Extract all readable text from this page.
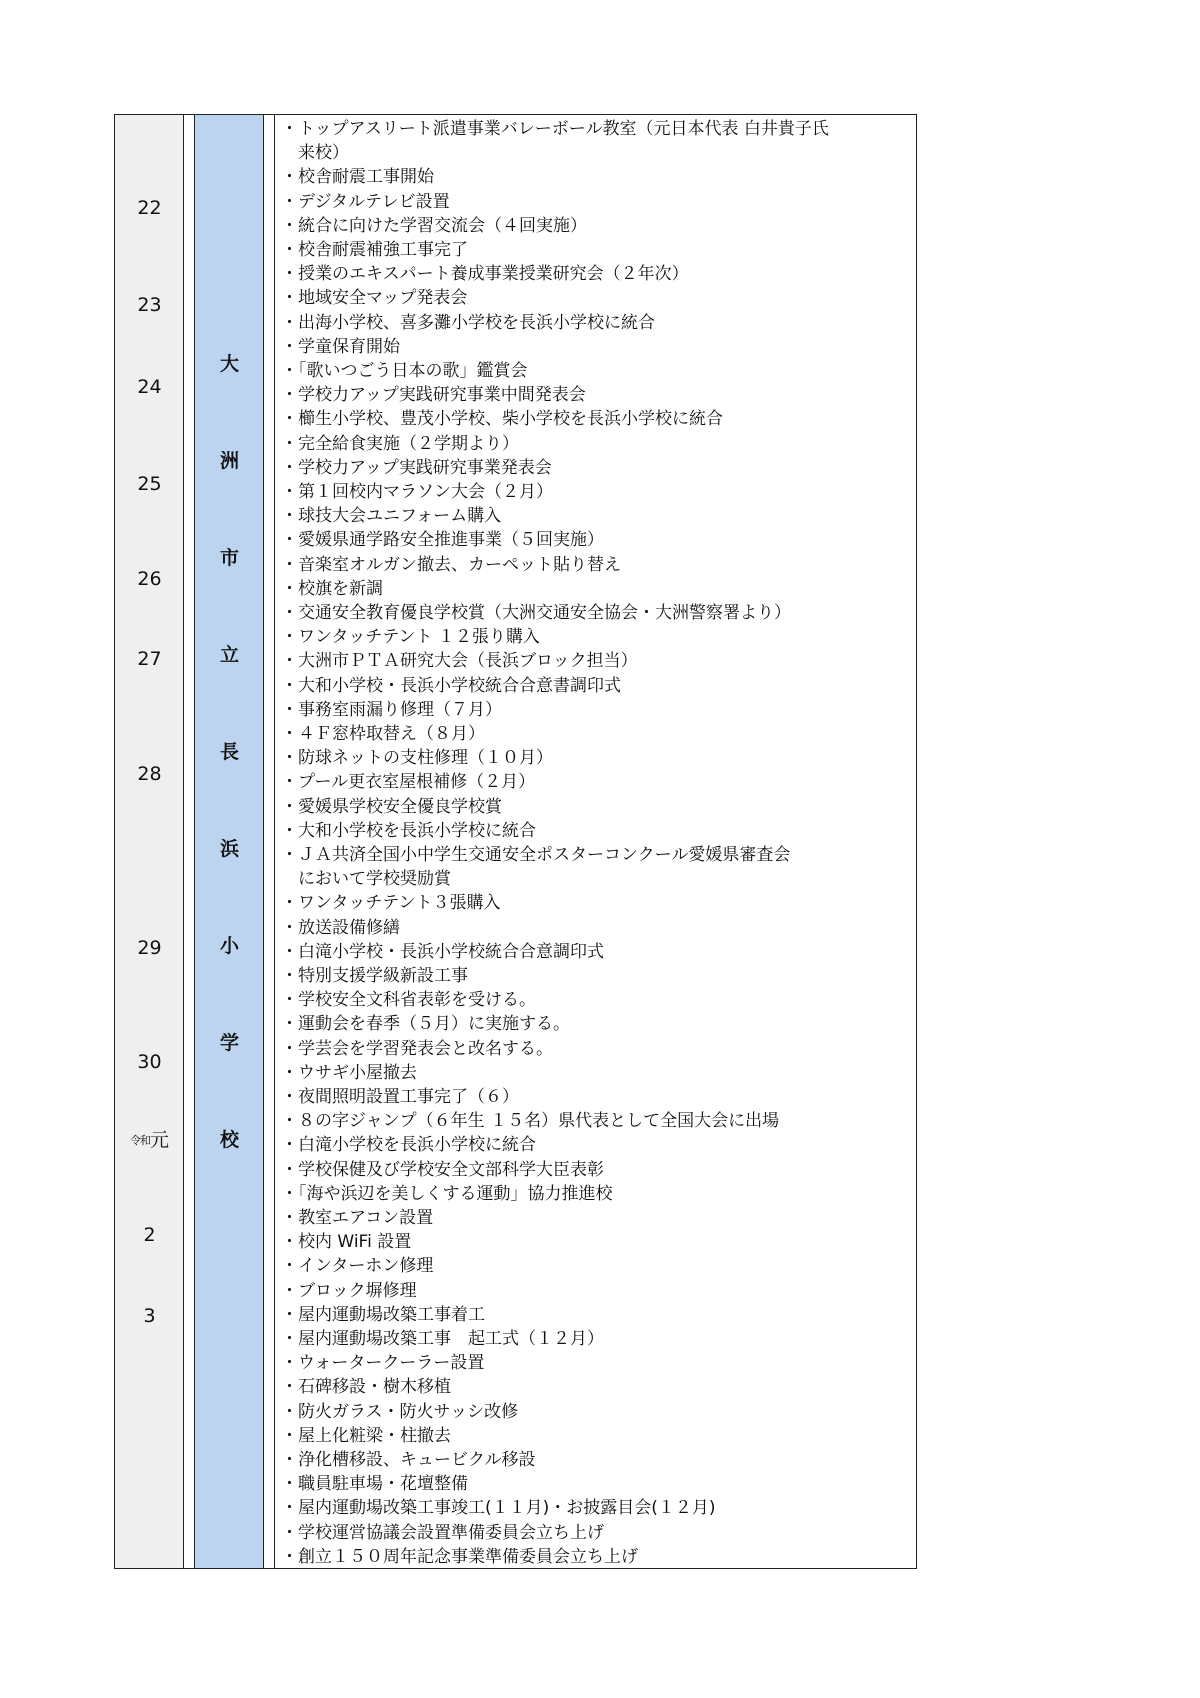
22
23
24
25
26
27
28
29
30
令和元
2
3
大
洲
市
立
長
浜
小
学
校
・トップアスリート派遣事業バレーボール教室（元日本代表 白井貴子氏
来校）
・校舎耐震工事開始
・デジタルテレビ設置
・統合に向けた学習交流会（４回実施）
・校舎耐震補強工事完了
・授業のエキスパート養成事業授業研究会（２年次）
・地域安全マップ発表会
・出海小学校、喜多灘小学校を長浜小学校に統合
・学童保育開始
・「歌いつごう日本の歌」鑑賞会
・学校力アップ実践研究事業中間発表会
・櫛生小学校、豊茂小学校、柴小学校を長浜小学校に統合
・完全給食実施（２学期より）
・学校力アップ実践研究事業発表会
・第１回校内マラソン大会（２月）
・球技大会ユニフォーム購入
・愛媛県通学路安全推進事業（５回実施）
・音楽室オルガン撤去、カーペット貼り替え
・校旗を新調
・交通安全教育優良学校賞（大洲交通安全協会・大洲警察署より）
・ワンタッチテント １２張り購入
・大洲市ＰＴＡ研究大会（長浜ブロック担当）
・大和小学校・長浜小学校統合合意書調印式
・事務室雨漏り修理（７月）
・４Ｆ窓枠取替え（８月）
・防球ネットの支柱修理（１０月）
・プール更衣室屋根補修（２月）
・愛媛県学校安全優良学校賞
・大和小学校を長浜小学校に統合
・ＪＡ共済全国小中学生交通安全ポスターコンクール愛媛県審査会
において学校奨励賞
・ワンタッチテント３張購入
・放送設備修繕
・白滝小学校・長浜小学校統合合意調印式
・特別支援学級新設工事
・学校安全文科省表彰を受ける。
・運動会を春季（５月）に実施する。
・学芸会を学習発表会と改名する。
・ウサギ小屋撤去
・夜間照明設置工事完了（６）
・８の字ジャンプ（６年生 １５名）県代表として全国大会に出場
・白滝小学校を長浜小学校に統合
・学校保健及び学校安全文部科学大臣表彰
・「海や浜辺を美しくする運動」協力推進校
・教室エアコン設置
・校内 WiFi 設置
・インターホン修理
・ブロック塀修理
・屋内運動場改築工事着工
・屋内運動場改築工事　起工式（１２月）
・ウォータークーラー設置
・石碑移設・樹木移植
・防火ガラス・防火サッシ改修
・屋上化粧梁・柱撤去
・浄化槽移設、キュービクル移設
・職員駐車場・花壇整備
・屋内運動場改築工事竣工(１１月)・お披露目会(１２月)
・学校運営協議会設置準備委員会立ち上げ
・創立１５０周年記念事業準備委員会立ち上げ
